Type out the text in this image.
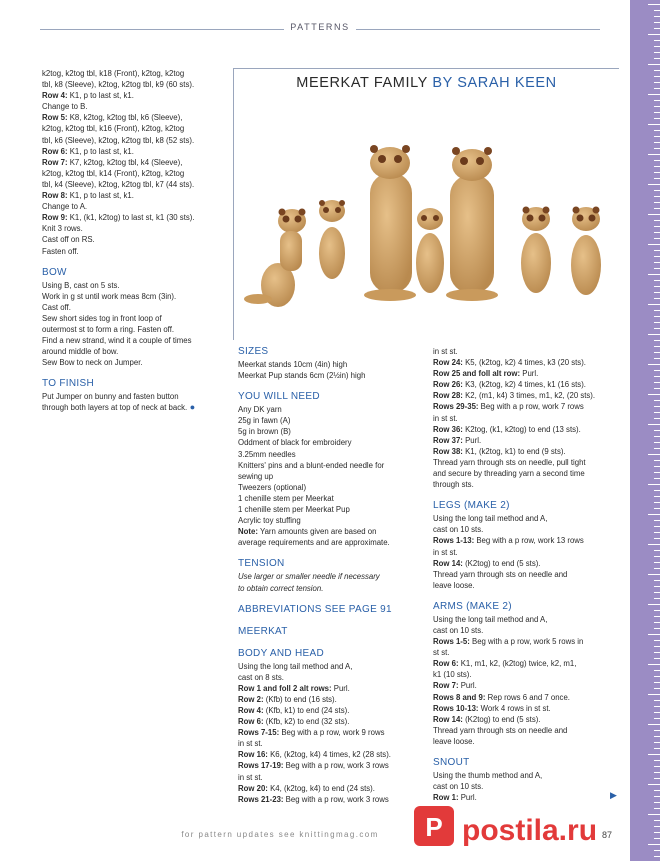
PATTERNS

k2tog, k2tog tbl, k18 (Front), k2tog, k2tog

tbl, k8 (Sleeve), k2tog, k2tog tbl, k9 (60 sts).

Row 4: K1, p to last st, k1.

Change to B.

Row 5: K8, k2tog, k2tog tbl, k6 (Sleeve),

k2tog, k2tog tbl, k16 (Front), k2tog, k2tog

tbl, k6 (Sleeve), k2tog, k2tog tbl, k8 (52 sts).

Row 6: K1, p to last st, k1.

Row 7: K7, k2tog, k2tog tbl, k4 (Sleeve),

k2tog, k2tog tbl, k14 (Front), k2tog, k2tog

tbl, k4 (Sleeve), k2tog, k2tog tbl, k7 (44 sts).

Row 8: K1, p to last st, k1.

Change to A.

Row 9: K1, (k1, k2tog) to last st, k1 (30 sts).

Knit 3 rows.

Cast off on RS.

Fasten off.

BOW

Using B, cast on 5 sts.

Work in g st until work meas 8cm (3in).

Cast off.

Sew short sides tog in front loop of

outermost st to form a ring. Fasten off.

Find a new strand, wind it a couple of times

around middle of bow.

Sew Bow to neck on Jumper.

TO FINISH

Put Jumper on bunny and fasten button

through both layers at top of neck at back. ●

MEERKAT FAMILY BY SARAH KEEN

SIZES

Meerkat stands 10cm (4in) high

Meerkat Pup stands 6cm (2½in) high

YOU WILL NEED

Any DK yarn

25g in fawn (A)

5g in brown (B)

Oddment of black for embroidery

3.25mm needles

Knitters' pins and a blunt-ended needle for

sewing up

Tweezers (optional)

1 chenille stem per Meerkat

1 chenille stem per Meerkat Pup

Acrylic toy stuffing

Note: Yarn amounts given are based on

average requirements and are approximate.

TENSION

Use larger or smaller needle if necessary

to obtain correct tension.

ABBREVIATIONS SEE PAGE 91

MEERKAT

BODY AND HEAD

Using the long tail method and A,

cast on 8 sts.

Row 1 and foll 2 alt rows: Purl.

Row 2: (Kfb) to end (16 sts).

Row 4: (Kfb, k1) to end (24 sts).

Row 6: (Kfb, k2) to end (32 sts).

Rows 7-15: Beg with a p row, work 9 rows

in st st.

Row 16: K6, (k2tog, k4) 4 times, k2 (28 sts).

Rows 17-19: Beg with a p row, work 3 rows

in st st.

Row 20: K4, (k2tog, k4) to end (24 sts).

Rows 21-23: Beg with a p row, work 3 rows

in st st.

Row 24: K5, (k2tog, k2) 4 times, k3 (20 sts).

Row 25 and foll alt row: Purl.

Row 26: K3, (k2tog, k2) 4 times, k1 (16 sts).

Row 28: K2, (m1, k4) 3 times, m1, k2, (20 sts).

Rows 29-35: Beg with a p row, work 7 rows

in st st.

Row 36: K2tog, (k1, k2tog) to end (13 sts).

Row 37: Purl.

Row 38: K1, (k2tog, k1) to end (9 sts).

Thread yarn through sts on needle, pull tight

and secure by threading yarn a second time

through sts.

LEGS (MAKE 2)

Using the long tail method and A,

cast on 10 sts.

Rows 1-13: Beg with a p row, work 13 rows

in st st.

Row 14: (K2tog) to end (5 sts).

Thread yarn through sts on needle and

leave loose.

ARMS (MAKE 2)

Using the long tail method and A,

cast on 10 sts.

Rows 1-5: Beg with a p row, work 5 rows in

st st.

Row 6: K1, m1, k2, (k2tog) twice, k2, m1,

k1 (10 sts).

Row 7: Purl.

Rows 8 and 9: Rep rows 6 and 7 once.

Rows 10-13: Work 4 rows in st st.

Row 14: (K2tog) to end (5 sts).

Thread yarn through sts on needle and

leave loose.

SNOUT

Using the thumb method and A,

cast on 10 sts.

Row 1: Purl.	▶
for pattern updates see knittingmag.com	87
P postila.ru
